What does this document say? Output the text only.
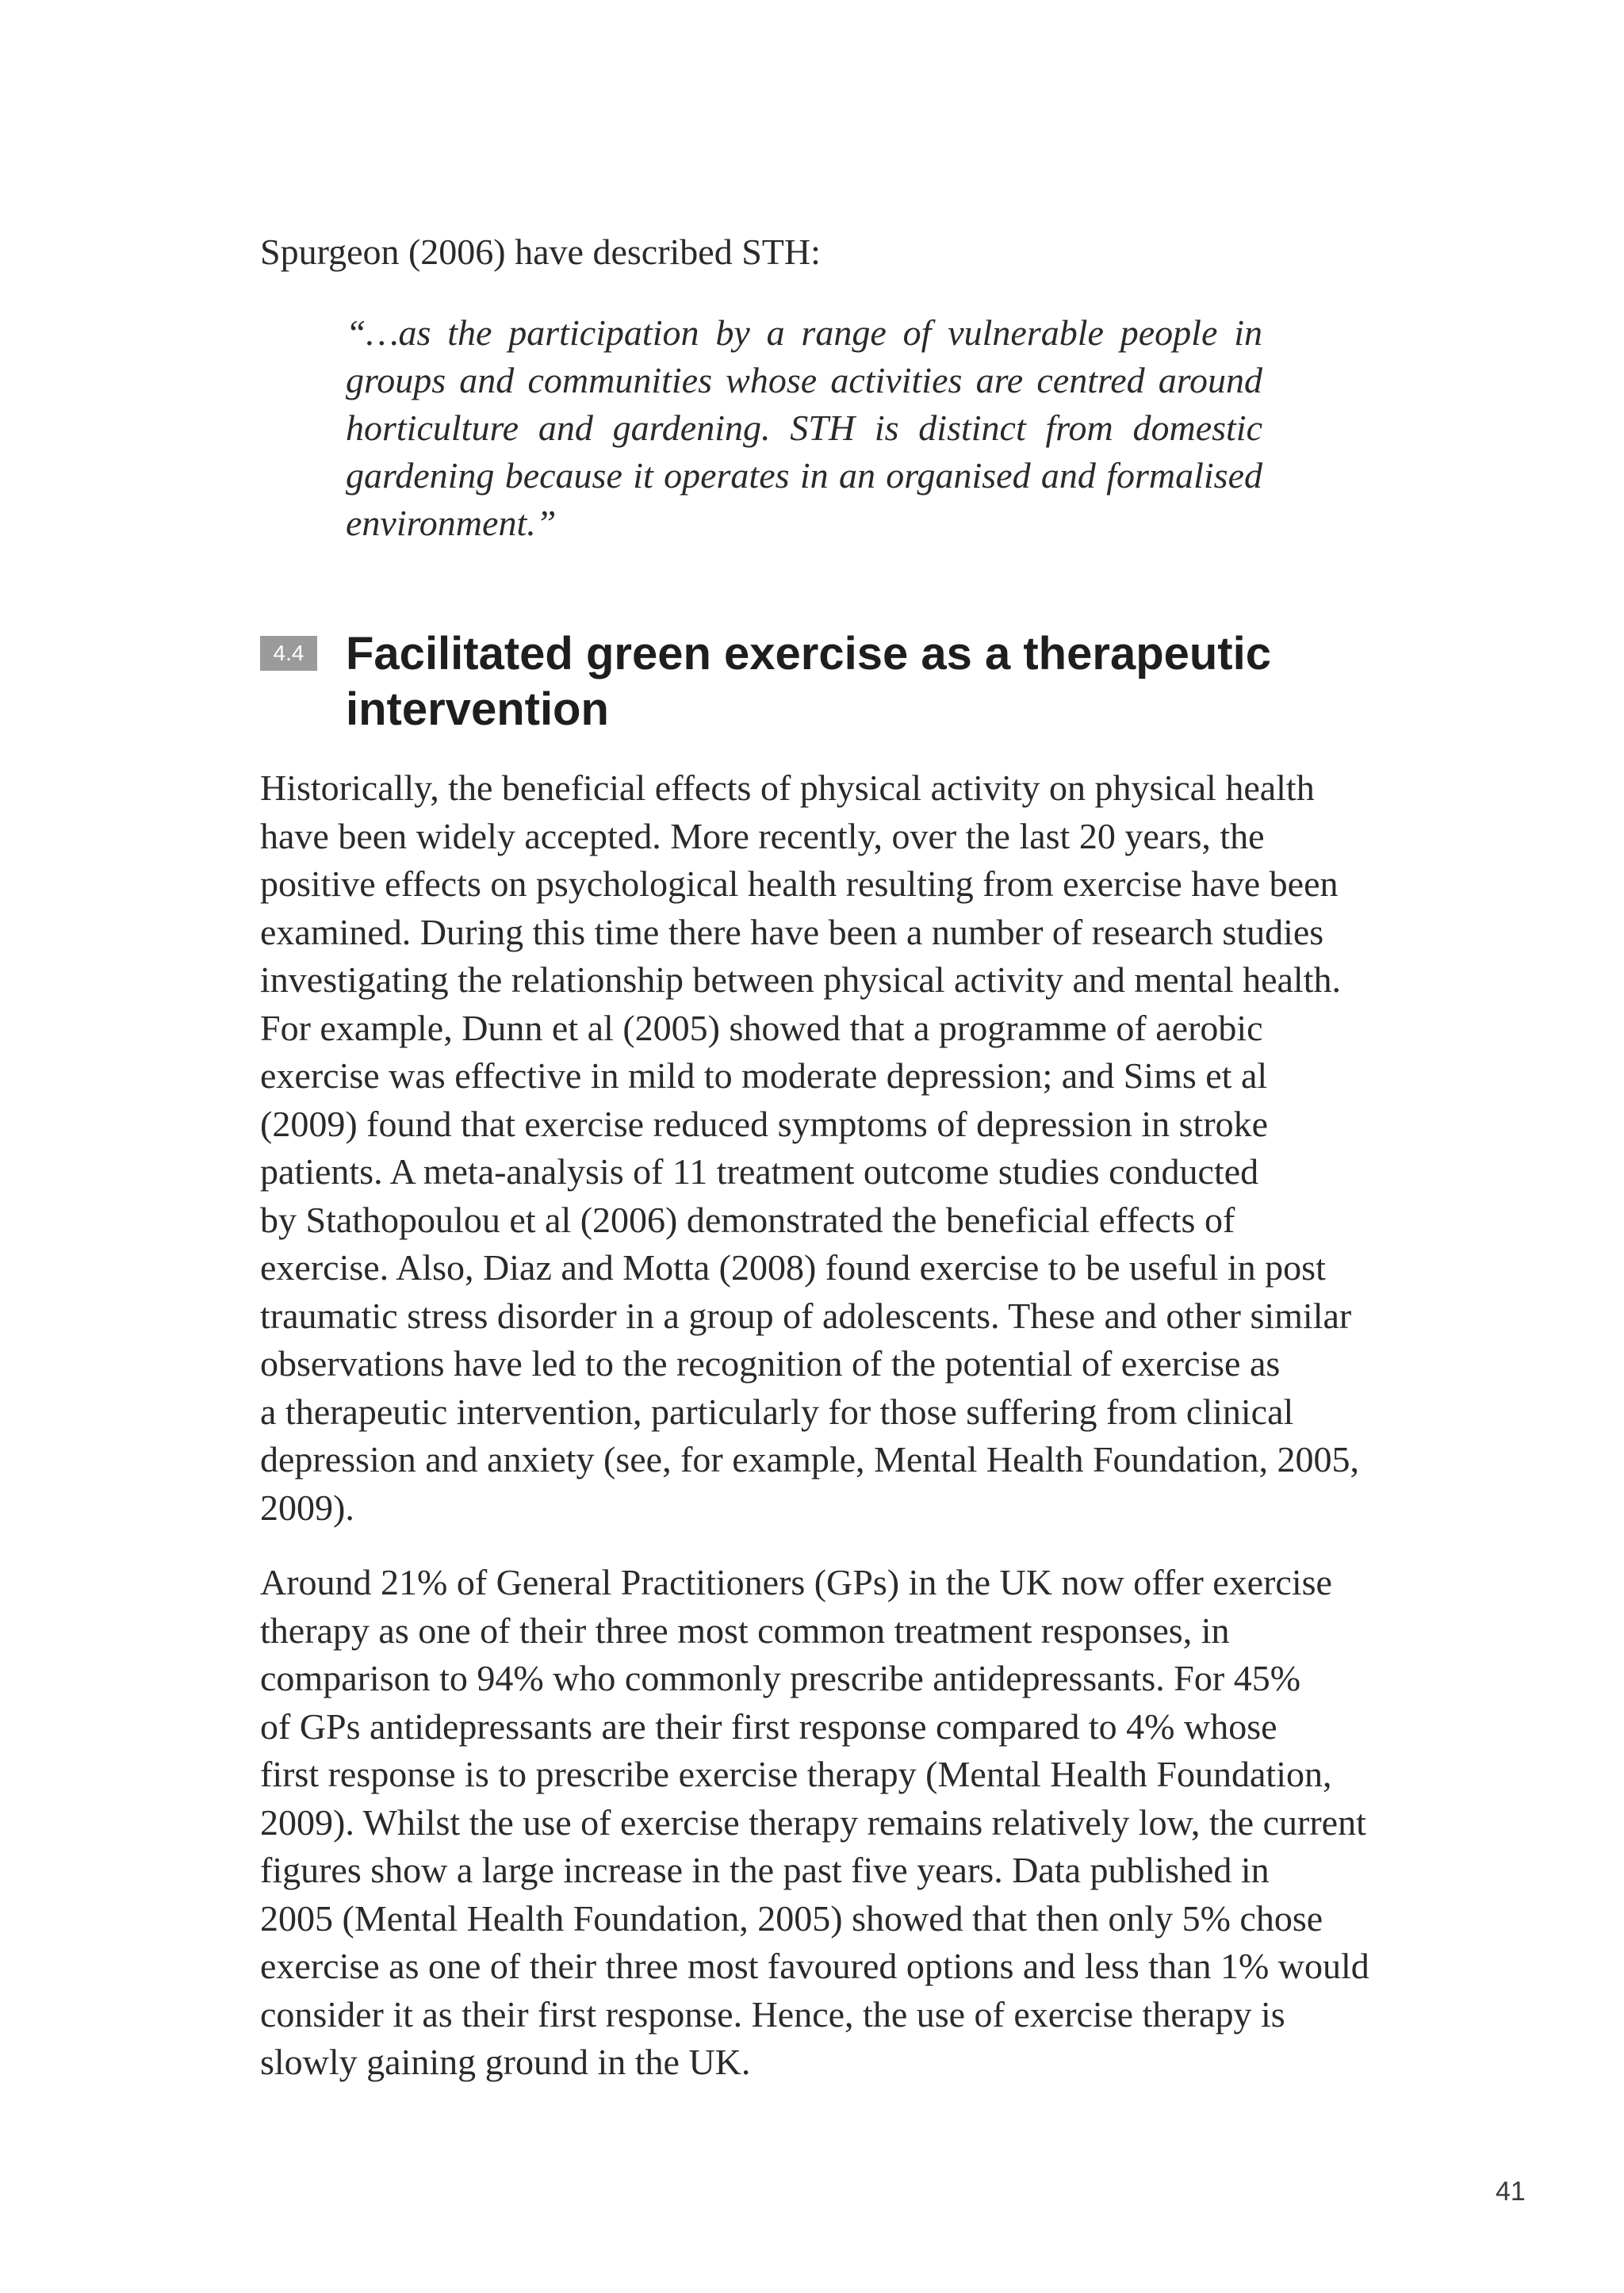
Spurgeon (2006) have described STH:

“…as the participation by a range of vulnerable people in groups and communities whose activities are centred around horticulture and gardening. STH is distinct from domestic gardening because it operates in an organised and formalised environment.”

4.4 Facilitated green exercise as a therapeutic
intervention

Historically, the beneficial effects of physical activity on physical health
have been widely accepted. More recently, over the last 20 years, the
positive effects on psychological health resulting from exercise have been
examined. During this time there have been a number of research studies
investigating the relationship between physical activity and mental health.
For example, Dunn et al (2005) showed that a programme of aerobic
exercise was effective in mild to moderate depression; and Sims et al
(2009) found that exercise reduced symptoms of depression in stroke
patients. A meta-analysis of 11 treatment outcome studies conducted
by Stathopoulou et al (2006) demonstrated the beneficial effects of
exercise. Also, Diaz and Motta (2008) found exercise to be useful in post
traumatic stress disorder in a group of adolescents. These and other similar
observations have led to the recognition of the potential of exercise as
a therapeutic intervention, particularly for those suffering from clinical
depression and anxiety (see, for example, Mental Health Foundation, 2005,
2009).

Around 21% of General Practitioners (GPs) in the UK now offer exercise
therapy as one of their three most common treatment responses, in
comparison to 94% who commonly prescribe antidepressants. For 45%
of GPs antidepressants are their first response compared to 4% whose
first response is to prescribe exercise therapy (Mental Health Foundation,
2009). Whilst the use of exercise therapy remains relatively low, the current
figures show a large increase in the past five years. Data published in
2005 (Mental Health Foundation, 2005) showed that then only 5% chose
exercise as one of their three most favoured options and less than 1% would
consider it as their first response. Hence, the use of exercise therapy is
slowly gaining ground in the UK.

41
